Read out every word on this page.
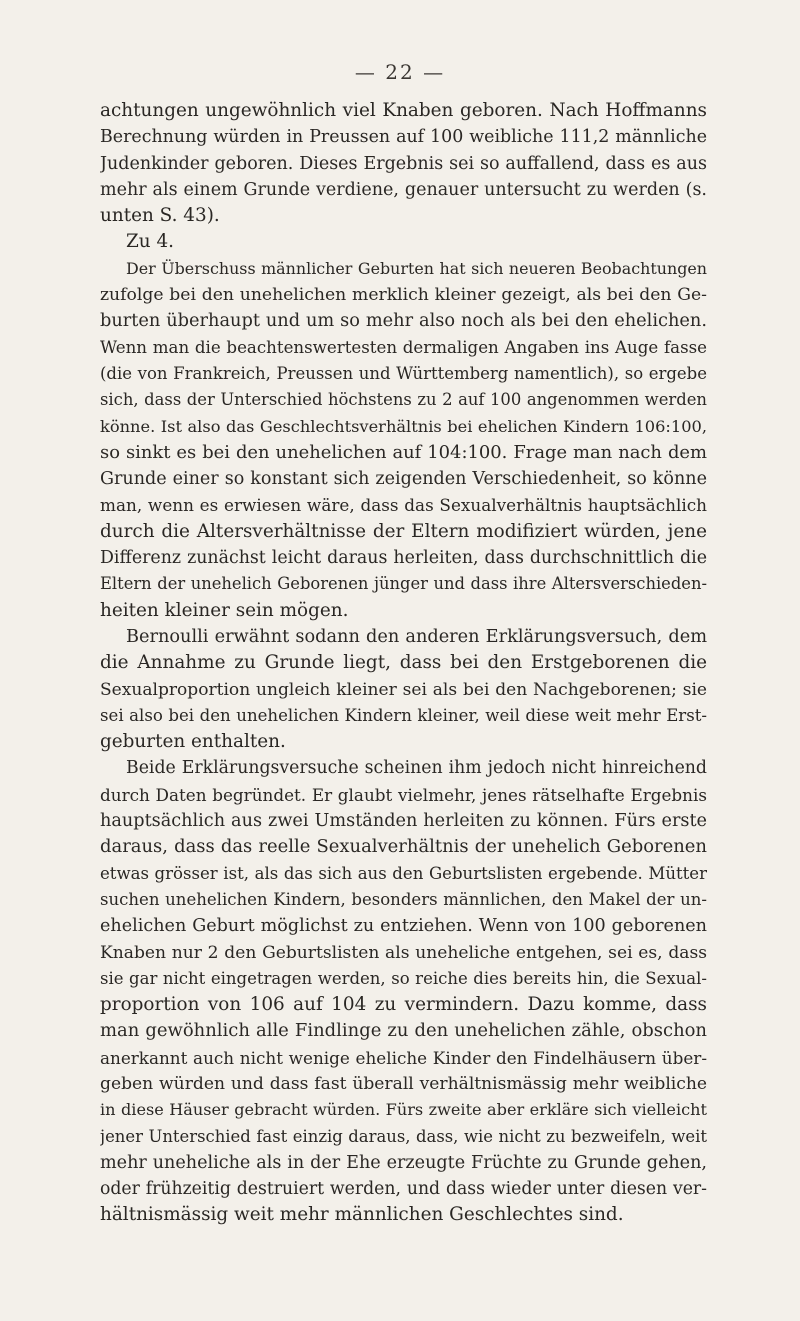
— 22 —
achtungen ungewöhnlich viel Knaben geboren. Nach Hoffmanns
Berechnung würden in Preussen auf 100 weibliche 111,2 männliche
Judenkinder geboren. Dieses Ergebnis sei so auffallend, dass es aus
mehr als einem Grunde verdiene, genauer untersucht zu werden (s.
unten S. 43).
Zu 4.
Der Überschuss männlicher Geburten hat sich neueren Beobachtungen
zufolge bei den unehelichen merklich kleiner gezeigt, als bei den Ge-
burten überhaupt und um so mehr also noch als bei den ehelichen.
Wenn man die beachtenswertesten dermaligen Angaben ins Auge fasse
(die von Frankreich, Preussen und Württemberg namentlich), so ergebe
sich, dass der Unterschied höchstens zu 2 auf 100 angenommen werden
könne. Ist also das Geschlechtsverhältnis bei ehelichen Kindern 106:100,
so sinkt es bei den unehelichen auf 104:100. Frage man nach dem
Grunde einer so konstant sich zeigenden Verschiedenheit, so könne
man, wenn es erwiesen wäre, dass das Sexualverhältnis hauptsächlich
durch die Altersverhältnisse der Eltern modifiziert würden, jene
Differenz zunächst leicht daraus herleiten, dass durchschnittlich die
Eltern der unehelich Geborenen jünger und dass ihre Altersverschieden-
heiten kleiner sein mögen.
Bernoulli erwähnt sodann den anderen Erklärungsversuch, dem
die Annahme zu Grunde liegt, dass bei den Erstgeborenen die
Sexualproportion ungleich kleiner sei als bei den Nachgeborenen; sie
sei also bei den unehelichen Kindern kleiner, weil diese weit mehr Erst-
geburten enthalten.
Beide Erklärungsversuche scheinen ihm jedoch nicht hinreichend
durch Daten begründet. Er glaubt vielmehr, jenes rätselhafte Ergebnis
hauptsächlich aus zwei Umständen herleiten zu können. Fürs erste
daraus, dass das reelle Sexualverhältnis der unehelich Geborenen
etwas grösser ist, als das sich aus den Geburtslisten ergebende. Mütter
suchen unehelichen Kindern, besonders männlichen, den Makel der un-
ehelichen Geburt möglichst zu entziehen. Wenn von 100 geborenen
Knaben nur 2 den Geburtslisten als uneheliche entgehen, sei es, dass
sie gar nicht eingetragen werden, so reiche dies bereits hin, die Sexual-
proportion von 106 auf 104 zu vermindern. Dazu komme, dass
man gewöhnlich alle Findlinge zu den unehelichen zähle, obschon
anerkannt auch nicht wenige eheliche Kinder den Findelhäusern über-
geben würden und dass fast überall verhältnismässig mehr weibliche
in diese Häuser gebracht würden. Fürs zweite aber erkläre sich vielleicht
jener Unterschied fast einzig daraus, dass, wie nicht zu bezweifeln, weit
mehr uneheliche als in der Ehe erzeugte Früchte zu Grunde gehen,
oder frühzeitig destruiert werden, und dass wieder unter diesen ver-
hältnismässig weit mehr männlichen Geschlechtes sind.
